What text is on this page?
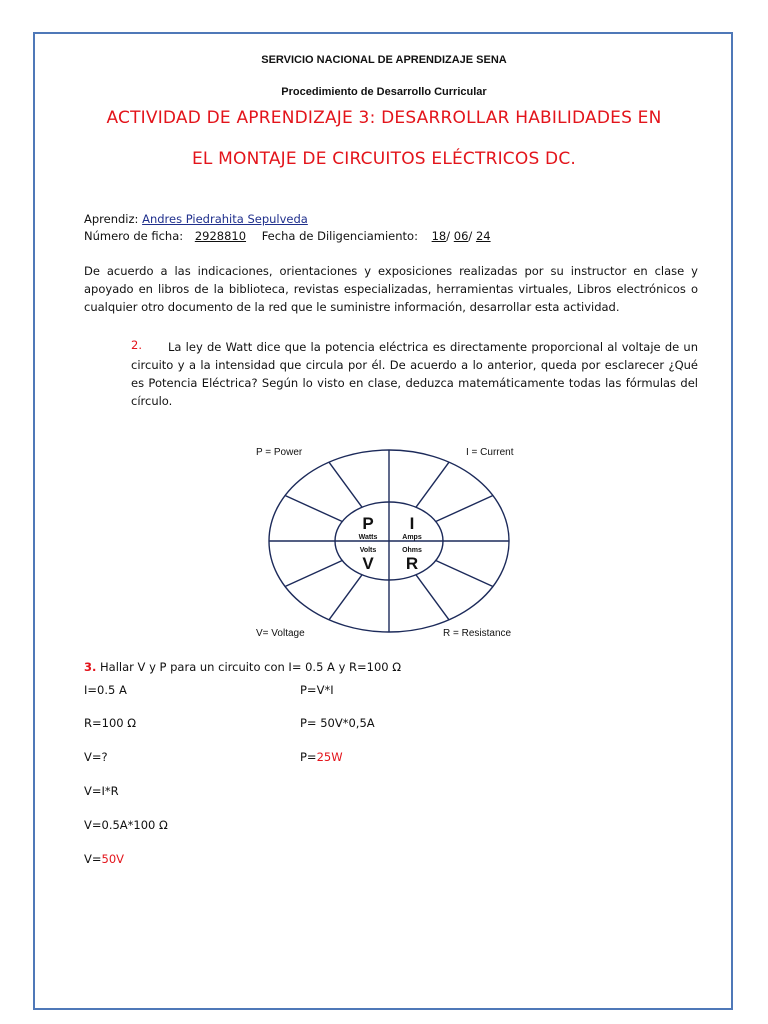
SERVICIO NACIONAL DE APRENDIZAJE SENA
Procedimiento de Desarrollo Curricular
ACTIVIDAD DE APRENDIZAJE 3: DESARROLLAR HABILIDADES EN
EL MONTAJE DE CIRCUITOS ELÉCTRICOS DC.
Aprendiz: Andres Piedrahita Sepulveda
Número de ficha: 2928810 Fecha de Diligenciamiento: 18/ 06/ 24
De acuerdo a las indicaciones, orientaciones y exposiciones realizadas por su instructor en clase y apoyado en libros de la biblioteca, revistas especializadas, herramientas virtuales, Libros electrónicos o cualquier otro documento de la red que le suministre información, desarrollar esta actividad.
2.	La ley de Watt dice que la potencia eléctrica es directamente proporcional al voltaje de un circuito y a la intensidad que circula por él. De acuerdo a lo anterior, queda por esclarecer ¿Qué es Potencia Eléctrica? Según lo visto en clase, deduzca matemáticamente todas las fórmulas del círculo.
P = Power	I = Current
V= Voltage	R = Resistance
P I
Watts	Amps
Volts	Ohms
V R
3. Hallar V y P para un circuito con I= 0.5 A y R=100 Ω
I=0.5 A
R=100 Ω
V=?
V=I*R
V=0.5A*100 Ω
V=50V
P=V*I
P= 50V*0,5A
P=25W
